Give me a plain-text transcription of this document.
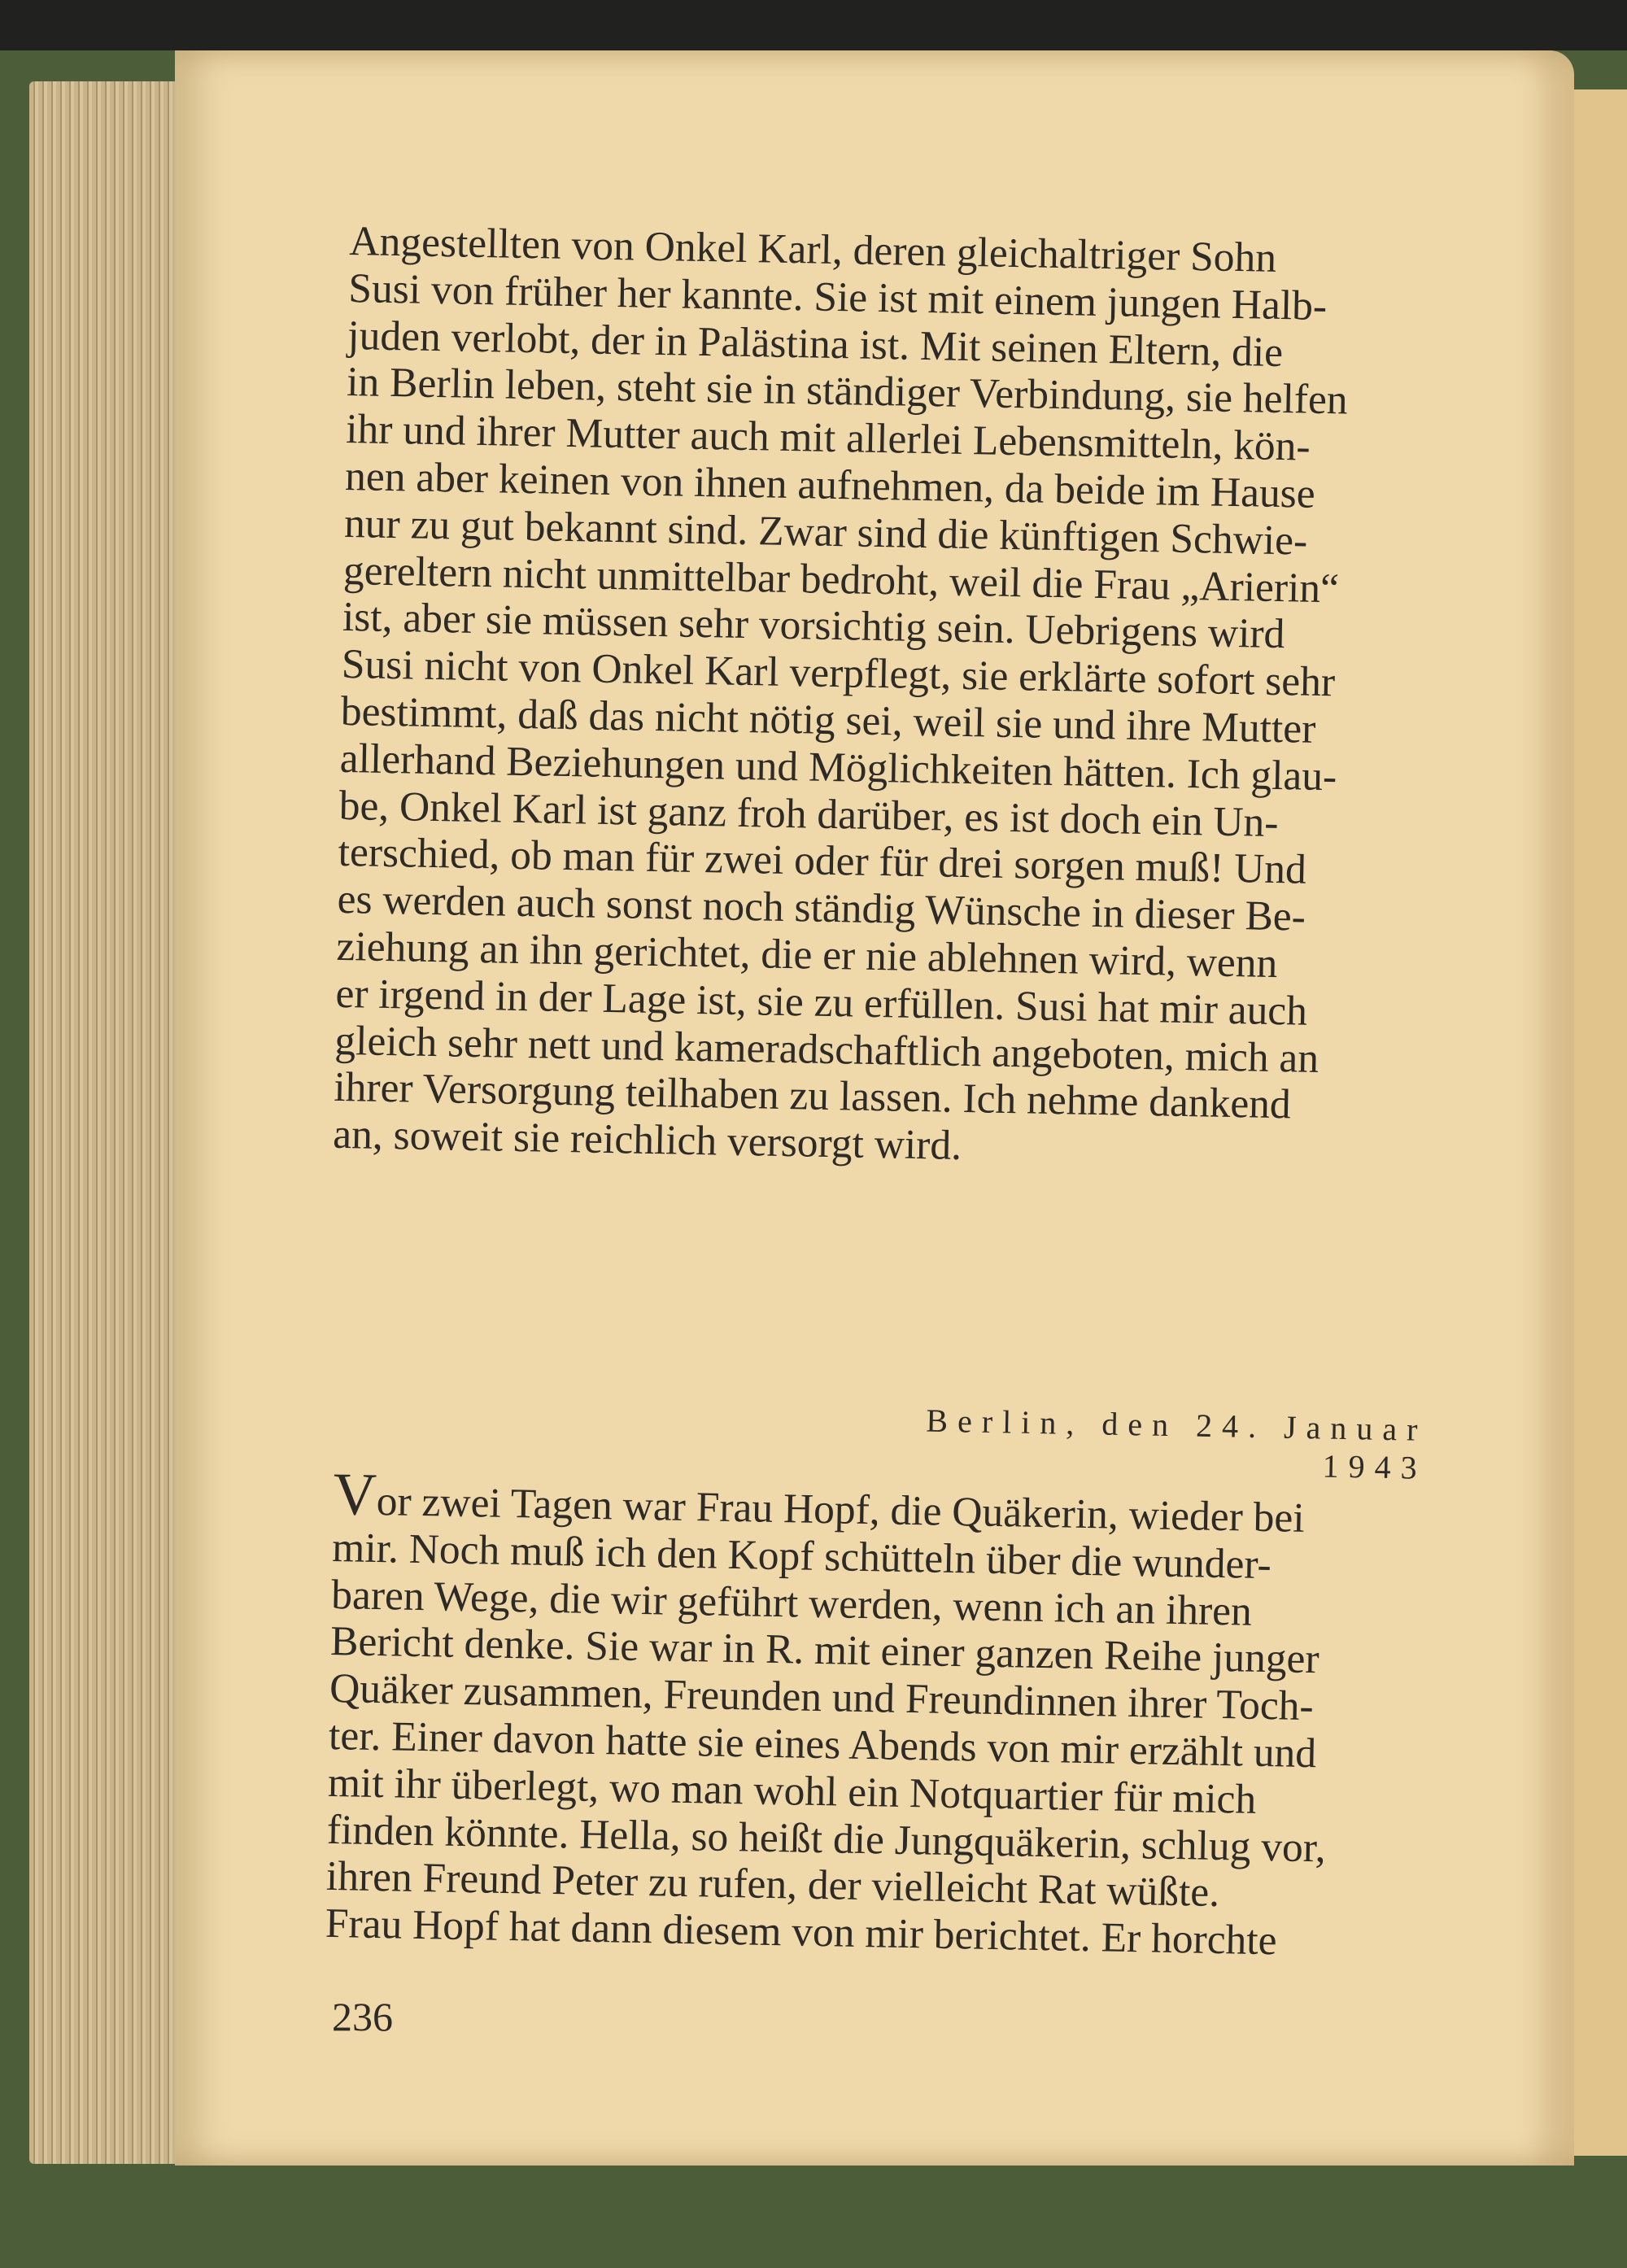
Angestellten von Onkel Karl, deren gleichaltriger Sohn
Susi von früher her kannte. Sie ist mit einem jungen Halb-
juden verlobt, der in Palästina ist. Mit seinen Eltern, die
in Berlin leben, steht sie in ständiger Verbindung, sie helfen
ihr und ihrer Mutter auch mit allerlei Lebensmitteln, kön-
nen aber keinen von ihnen aufnehmen, da beide im Hause
nur zu gut bekannt sind. Zwar sind die künftigen Schwie-
gereltern nicht unmittelbar bedroht, weil die Frau „Arierin“
ist, aber sie müssen sehr vorsichtig sein. Uebrigens wird
Susi nicht von Onkel Karl verpflegt, sie erklärte sofort sehr
bestimmt, daß das nicht nötig sei, weil sie und ihre Mutter
allerhand Beziehungen und Möglichkeiten hätten. Ich glau-
be, Onkel Karl ist ganz froh darüber, es ist doch ein Un-
terschied, ob man für zwei oder für drei sorgen muß! Und
es werden auch sonst noch ständig Wünsche in dieser Be-
ziehung an ihn gerichtet, die er nie ablehnen wird, wenn
er irgend in der Lage ist, sie zu erfüllen. Susi hat mir auch
gleich sehr nett und kameradschaftlich angeboten, mich an
ihrer Versorgung teilhaben zu lassen. Ich nehme dankend
an, soweit sie reichlich versorgt wird.
Berlin, den 24. Januar 1943
Vor zwei Tagen war Frau Hopf, die Quäkerin, wieder bei
mir. Noch muß ich den Kopf schütteln über die wunder-
baren Wege, die wir geführt werden, wenn ich an ihren
Bericht denke. Sie war in R. mit einer ganzen Reihe junger
Quäker zusammen, Freunden und Freundinnen ihrer Toch-
ter. Einer davon hatte sie eines Abends von mir erzählt und
mit ihr überlegt, wo man wohl ein Notquartier für mich
finden könnte. Hella, so heißt die Jungquäkerin, schlug vor,
ihren Freund Peter zu rufen, der vielleicht Rat wüßte.
Frau Hopf hat dann diesem von mir berichtet. Er horchte
236
